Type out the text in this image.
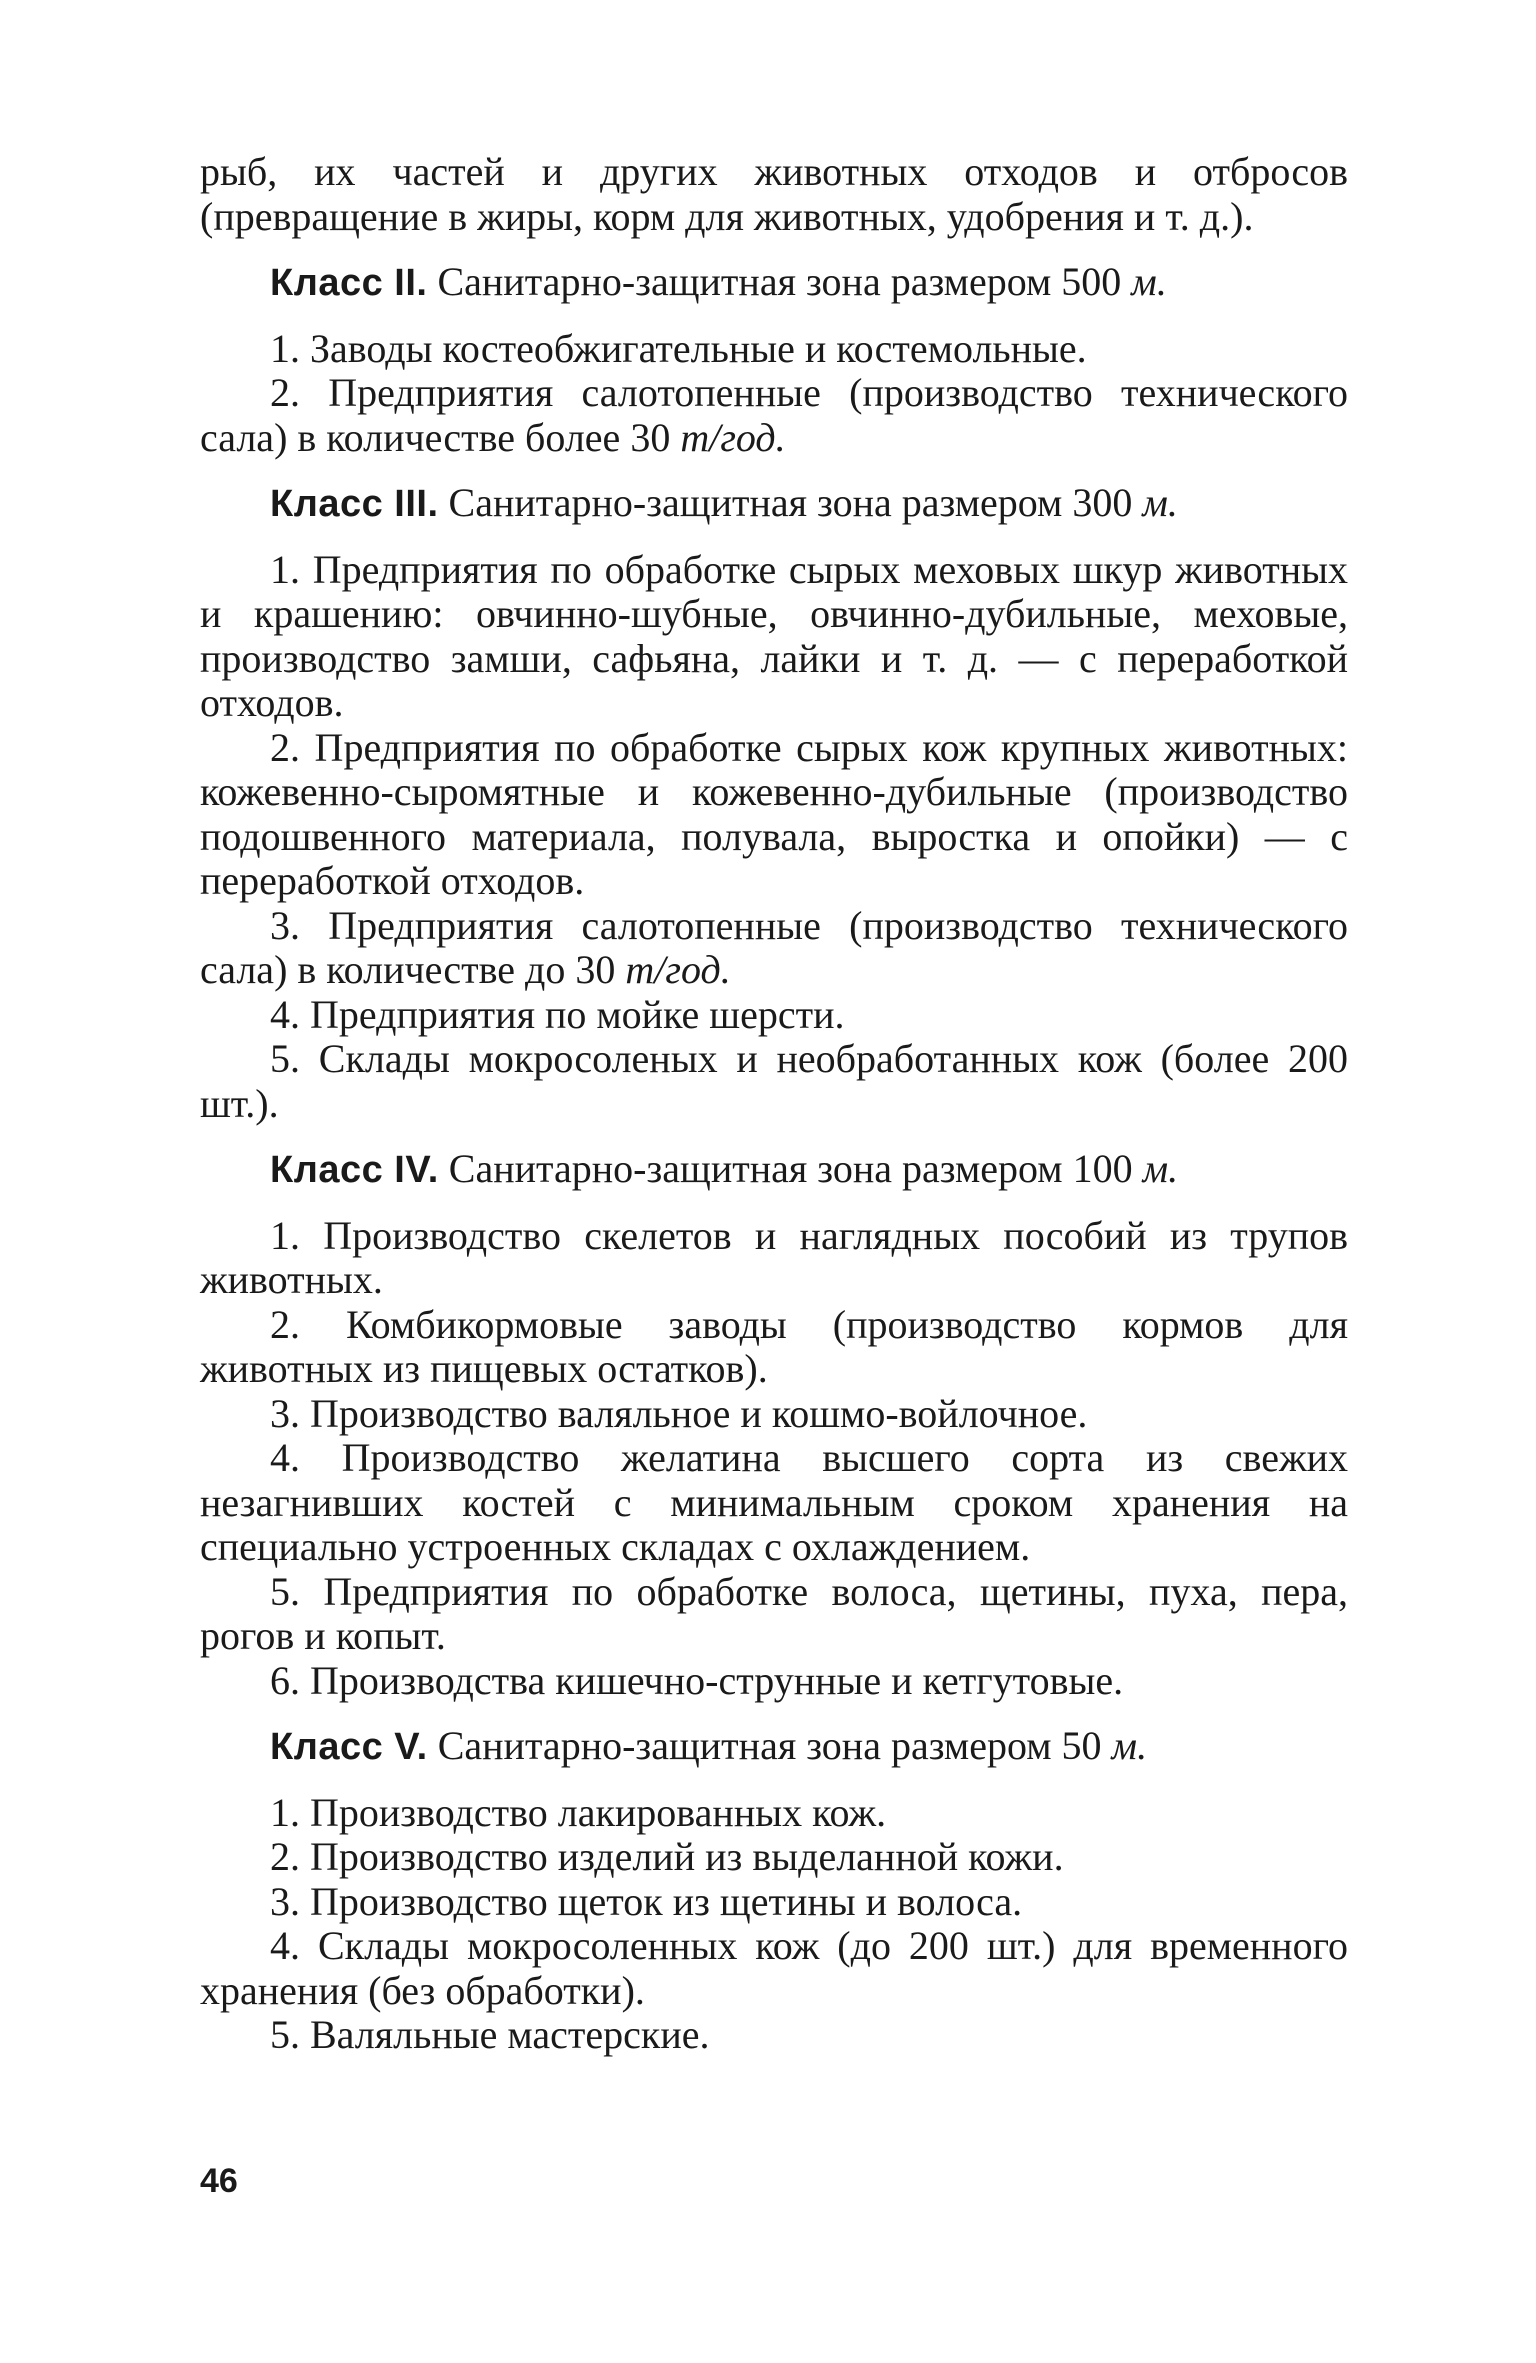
рыб, их частей и других животных отходов и отбросов (превращение в жиры, корм для животных, удобрения и т. д.).

Класс II. Санитарно-защитная зона размером 500 м.

1. Заводы костеобжигательные и костемольные.

2. Предприятия салотопенные (производство технического сала) в количестве более 30 т/год.

Класс III. Санитарно-защитная зона размером 300 м.

1. Предприятия по обработке сырых меховых шкур животных и крашению: овчинно-шубные, овчинно-дубильные, меховые, производство замши, сафьяна, лайки и т. д. — с переработкой отходов.

2. Предприятия по обработке сырых кож крупных животных: кожевенно-сыромятные и кожевенно-дубильные (производство подошвенного материала, полувала, выростка и опойки) — с переработкой отходов.

3. Предприятия салотопенные (производство технического сала) в количестве до 30 т/год.

4. Предприятия по мойке шерсти.

5. Склады мокросоленых и необработанных кож (более 200 шт.).

Класс IV. Санитарно-защитная зона размером 100 м.

1. Производство скелетов и наглядных пособий из трупов животных.

2. Комбикормовые заводы (производство кормов для животных из пищевых остатков).

3. Производство валяльное и кошмо-войлочное.

4. Производство желатина высшего сорта из свежих незагнивших костей с минимальным сроком хранения на специально устроенных складах с охлаждением.

5. Предприятия по обработке волоса, щетины, пуха, пера, рогов и копыт.

6. Производства кишечно-струнные и кетгутовые.

Класс V. Санитарно-защитная зона размером 50 м.

1. Производство лакированных кож.

2. Производство изделий из выделанной кожи.

3. Производство щеток из щетины и волоса.

4. Склады мокросоленных кож (до 200 шт.) для временного хранения (без обработки).

5. Валяльные мастерские.

46
